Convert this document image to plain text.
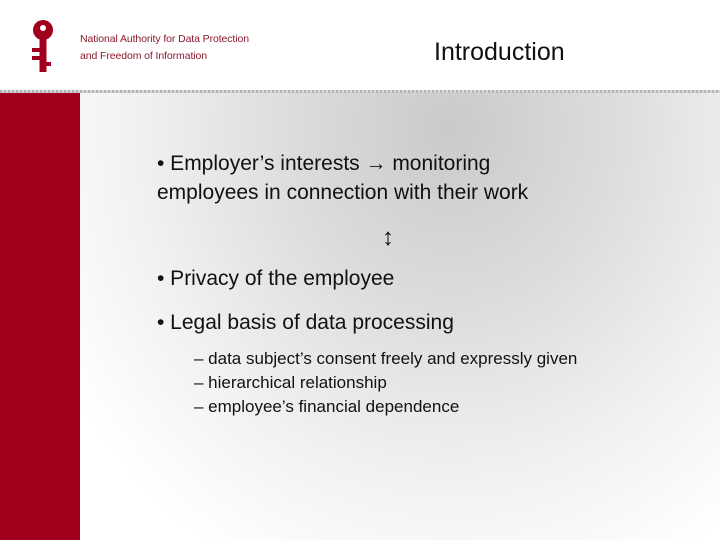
National Authority for Data Protection
and Freedom of Information	Introduction
• Employer’s interests → monitoring
employees in connection with their work
↕
• Privacy of the employee
• Legal basis of data processing
– data subject’s consent freely and expressly given
– hierarchical relationship
– employee’s financial dependence
